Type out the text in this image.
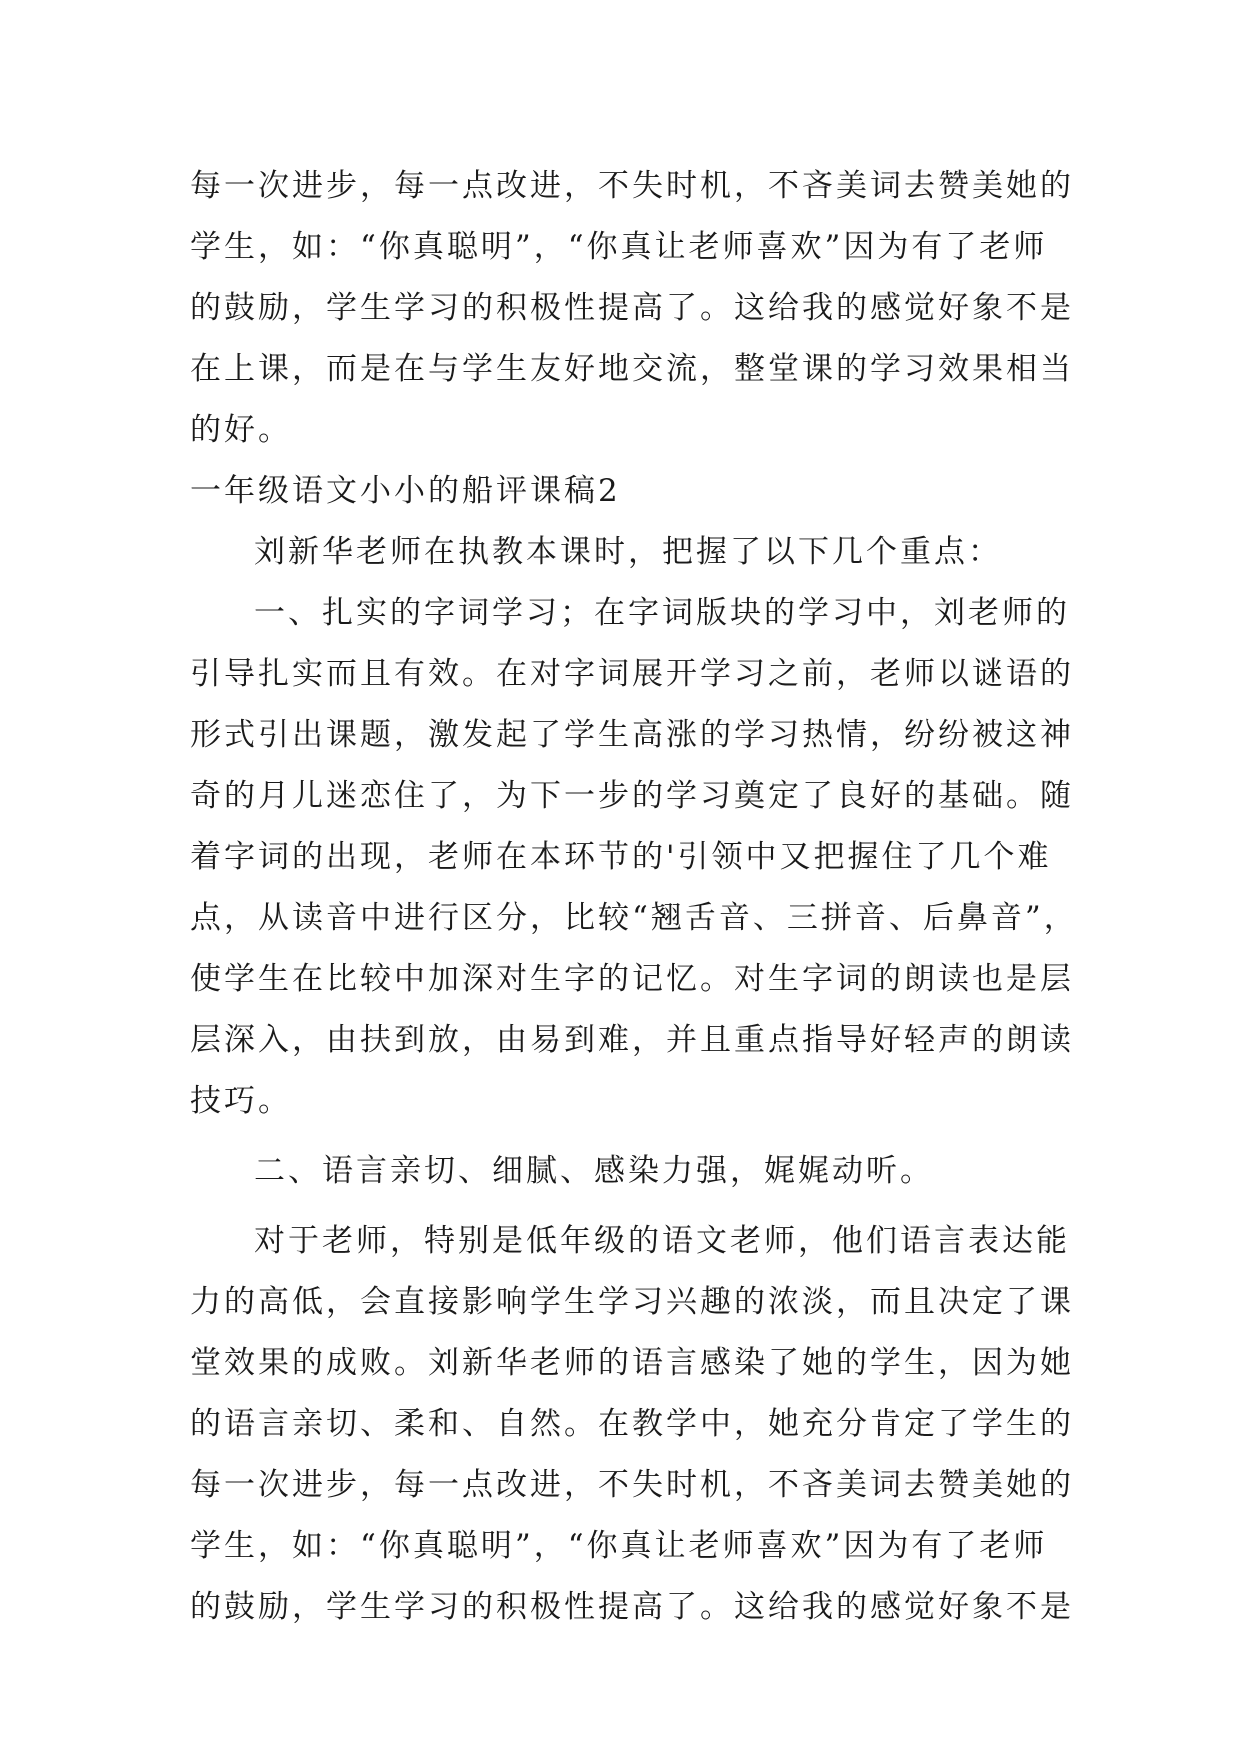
每一次进步，每一点改进，不失时机，不吝美词去赞美她的
学生，如：“你真聪明”，“你真让老师喜欢”因为有了老师
的鼓励，学生学习的积极性提高了。这给我的感觉好象不是
在上课，而是在与学生友好地交流，整堂课的学习效果相当
的好。
一年级语文小小的船评课稿2
刘新华老师在执教本课时，把握了以下几个重点：
一、扎实的字词学习；在字词版块的学习中，刘老师的
引导扎实而且有效。在对字词展开学习之前，老师以谜语的
形式引出课题，激发起了学生高涨的学习热情，纷纷被这神
奇的月儿迷恋住了，为下一步的学习奠定了良好的基础。随
着字词的出现，老师在本环节的'引领中又把握住了几个难
点，从读音中进行区分，比较“翘舌音、三拼音、后鼻音”，
使学生在比较中加深对生字的记忆。对生字词的朗读也是层
层深入，由扶到放，由易到难，并且重点指导好轻声的朗读
技巧。
二、语言亲切、细腻、感染力强，娓娓动听。
对于老师，特别是低年级的语文老师，他们语言表达能
力的高低，会直接影响学生学习兴趣的浓淡，而且决定了课
堂效果的成败。刘新华老师的语言感染了她的学生，因为她
的语言亲切、柔和、自然。在教学中，她充分肯定了学生的
每一次进步，每一点改进，不失时机，不吝美词去赞美她的
学生，如：“你真聪明”，“你真让老师喜欢”因为有了老师
的鼓励，学生学习的积极性提高了。这给我的感觉好象不是
